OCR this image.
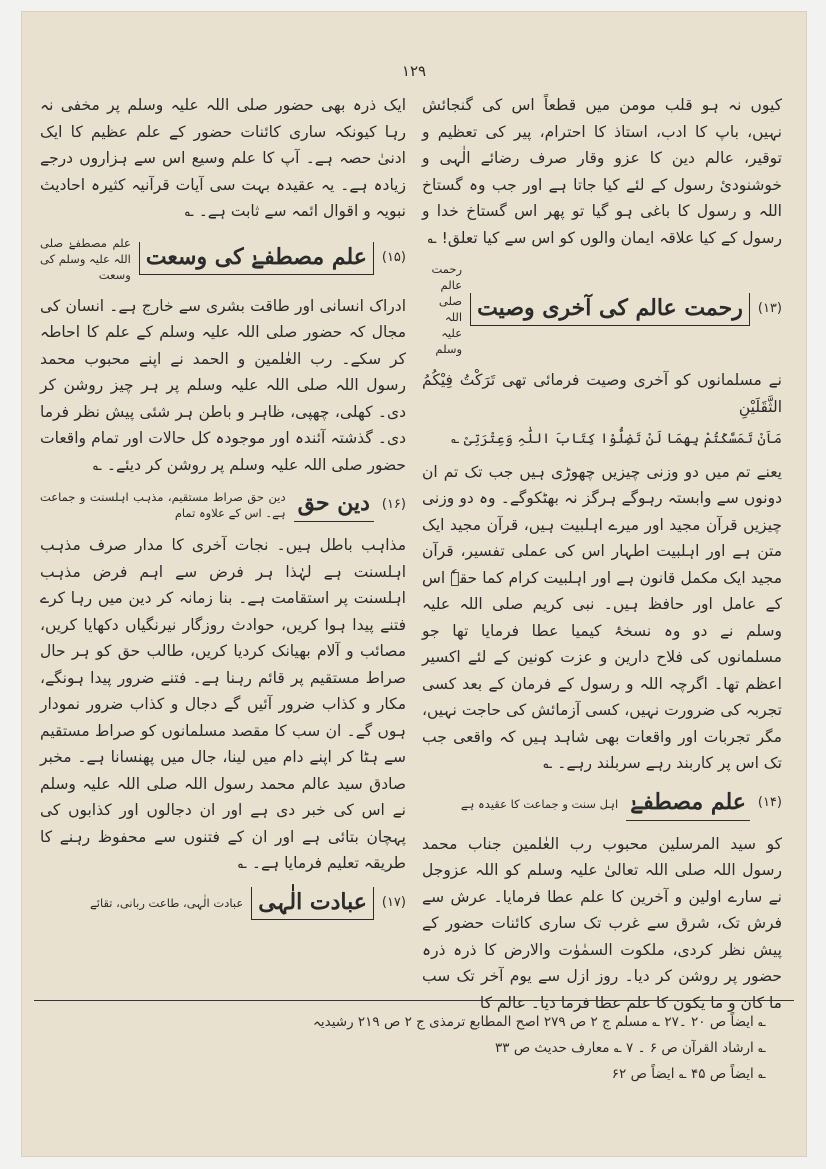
۱۲۹

کیوں نہ ہو قلب مومن میں قطعاً اس کی گنجائش نہیں، باپ کا ادب، استاذ کا احترام، پیر کی تعظیم و توقیر، عالم دین کا عزو وقار صرف رضائے الٰہی و خوشنودیٔ رسول کے لئے کیا جاتا ہے اور جب وہ گستاخ اللہ و رسول کا باغی ہو گیا تو پھر اس گستاخ خدا و رسول کے کیا علاقہ ایمان والوں کو اس سے کیا تعلق! ؎

(۱۳)
رحمت عالم کی آخری وصیت
رحمت عالم صلی اللہ علیہ وسلم

نے مسلمانوں کو آخری وصیت فرمائی تھی تَرَکْتُ فِیْکُمُ الثَّقَلَیْنِ

مَاَنْ تَمَسَّکْتُمْ بِھِمَا لَنْ تَضِلُّوْا کِتَابَ اللّٰہِ وَعِتْرَتِیْ ؎

یعنے تم میں دو وزنی چیزیں چھوڑی ہیں جب تک تم ان دونوں سے وابستہ رہوگے ہرگز نہ بھٹکوگے۔ وہ دو وزنی چیزیں قرآن مجید اور میرے اہلبیت ہیں، قرآن مجید ایک متن ہے اور اہلبیت اطہار اس کی عملی تفسیر، قرآن مجید ایک مکمل قانون ہے اور اہلبیت کرام کما حقہٗ اس کے عامل اور حافظ ہیں۔ نبی کریم صلی اللہ علیہ وسلم نے دو وہ نسخۂ کیمیا عطا فرمایا تھا جو مسلمانوں کی فلاح دارین و عزت کونین کے لئے اکسیر اعظم تھا۔ اگرچہ اللہ و رسول کے فرمان کے بعد کسی تجربہ کی ضرورت نہیں، کسی آزمائش کی حاجت نہیں، مگر تجربات اور واقعات بھی شاہد ہیں کہ واقعی جب تک اس پر کاربند رہے سربلند رہے۔ ؎

(۱۴)
علم مصطفےٰ
اہل سنت و جماعت کا عقیدہ ہے

کو سید المرسلین محبوب رب العٰلمین جناب محمد رسول اللہ صلی اللہ تعالیٰ علیہ وسلم کو اللہ عزوجل نے سارے اولین و آخرین کا علم عطا فرمایا۔ عرش سے فرش تک، شرق سے غرب تک ساری کائنات حضور کے پیش نظر کردی، ملکوت السمٰوٰت والارض کا ذرہ ذرہ حضور پر روشن کر دیا۔ روز ازل سے یوم آخر تک سب ما کان و ما یکون کا علم عطا فرما دیا۔ عالم کا

ایک ذرہ بھی حضور صلی اللہ علیہ وسلم پر مخفی نہ رہا کیونکہ ساری کائنات حضور کے علم عظیم کا ایک ادنیٰ حصہ ہے۔ آپ کا علم وسیع اس سے ہزاروں درجے زیادہ ہے۔ یہ عقیدہ بہت سی آیات قرآنیہ کثیرہ احادیث نبویہ و اقوال ائمہ سے ثابت ہے۔ ؎

(۱۵)
علم مصطفےٰ کی وسعت
علم مصطفےٰ صلی اللہ علیہ وسلم کی وسعت

ادراک انسانی اور طاقت بشری سے خارج ہے۔ انسان کی مجال کہ حضور صلی اللہ علیہ وسلم کے علم کا احاطہ کر سکے۔ رب العٰلمین و الحمد نے اپنے محبوب محمد رسول اللہ صلی اللہ علیہ وسلم پر ہر چیز روشن کر دی۔ کھلی، چھپی، ظاہر و باطن ہر شئی پیش نظر فرما دی۔ گذشتہ آئندہ اور موجودہ کل حالات اور تمام واقعات حضور صلی اللہ علیہ وسلم پر روشن کر دیئے۔ ؎

(۱۶)
دین حق
دین حق صراط مستقیم، مذہب اہلسنت و جماعت ہے۔ اس کے علاوہ تمام

مذاہب باطل ہیں۔ نجات آخری کا مدار صرف مذہب اہلسنت ہے لہٰذا ہر فرض سے اہم فرض مذہب اہلسنت پر استقامت ہے۔ بنا زمانہ کر دین میں رہا کرے فتنے پیدا ہوا کریں، حوادث روزگار نیرنگیاں دکھایا کریں، مصائب و آلام بھیانک کردیا کریں، طالب حق کو ہر حال صراط مستقیم پر قائم رہنا ہے۔ فتنے ضرور پیدا ہونگے، مکار و کذاب ضرور آئیں گے دجال و کذاب ضرور نمودار ہوں گے۔ ان سب کا مقصد مسلمانوں کو صراط مستقیم سے ہٹا کر اپنے دام میں لینا، جال میں پھنسانا ہے۔ مخبر صادق سید عالم محمد رسول اللہ صلی اللہ علیہ وسلم نے اس کی خبر دی ہے اور ان دجالوں اور کذابوں کی پہچان بتائی ہے اور ان کے فتنوں سے محفوظ رہنے کا طریقہ تعلیم فرمایا ہے۔ ؎

(۱۷)
عبادت الٰہی
عبادت الٰہی، طاعت ربانی، تقائے
؎ ایضاً ص ۲۰ ۔۲۷ ؎ مسلم ج ۲ ص ۲۷۹ اصح المطابع ترمذی ج ۲ ص ۲۱۹ رشیدیہ
؎ ارشاد القرآن ص ۶ ۔ ۷ ؎ معارف حدیث ص ۳۳
؎ ایضاً ص ۴۵ ؎ ایضاً ص ۶۲
